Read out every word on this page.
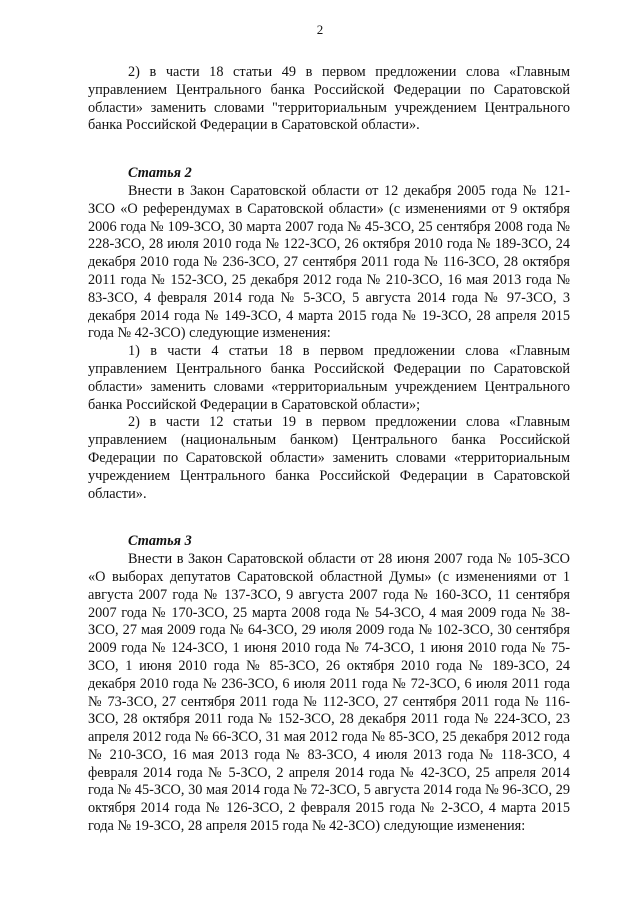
2

2) в части 18 статьи 49 в первом предложении слова «Главным управлением Центрального банка Российской Федерации по Саратовской области» заменить словами "территориальным учреждением Центрального банка Российской Федерации в Саратовской области».

Статья 2

Внести в Закон Саратовской области от 12 декабря 2005 года № 121-ЗСО «О референдумах в Саратовской области» (с изменениями от 9 октября 2006 года № 109-ЗСО, 30 марта 2007 года № 45-ЗСО, 25 сентября 2008 года № 228-ЗСО, 28 июля 2010 года № 122-ЗСО, 26 октября 2010 года № 189-ЗСО, 24 декабря 2010 года № 236-ЗСО, 27 сентября 2011 года № 116-ЗСО, 28 октября 2011 года № 152-ЗСО, 25 декабря 2012 года № 210-ЗСО, 16 мая 2013 года № 83-ЗСО, 4 февраля 2014 года № 5-ЗСО, 5 августа 2014 года № 97-ЗСО, 3 декабря 2014 года № 149-ЗСО, 4 марта 2015 года № 19-ЗСО, 28 апреля 2015 года № 42-ЗСО) следующие изменения:

1) в части 4 статьи 18 в первом предложении слова «Главным управлением Центрального банка Российской Федерации по Саратовской области» заменить словами «территориальным учреждением Центрального банка Российской Федерации в Саратовской области»;

2) в части 12 статьи 19 в первом предложении слова «Главным управлением (национальным банком) Центрального банка Российской Федерации по Саратовской области» заменить словами «территориальным учреждением Центрального банка Российской Федерации в Саратовской области».

Статья 3

Внести в Закон Саратовской области от 28 июня 2007 года № 105-ЗСО «О выборах депутатов Саратовской областной Думы» (с изменениями от 1 августа 2007 года № 137-ЗСО, 9 августа 2007 года № 160-ЗСО, 11 сентября 2007 года № 170-ЗСО, 25 марта 2008 года № 54-ЗСО, 4 мая 2009 года № 38-ЗСО, 27 мая 2009 года № 64-ЗСО, 29 июля 2009 года № 102-ЗСО, 30 сентября 2009 года № 124-ЗСО, 1 июня 2010 года № 74-ЗСО, 1 июня 2010 года № 75-ЗСО, 1 июня 2010 года № 85-ЗСО, 26 октября 2010 года № 189-ЗСО, 24 декабря 2010 года № 236-ЗСО, 6 июля 2011 года № 72-ЗСО, 6 июля 2011 года № 73-ЗСО, 27 сентября 2011 года № 112-ЗСО, 27 сентября 2011 года № 116-ЗСО, 28 октября 2011 года № 152-ЗСО, 28 декабря 2011 года № 224-ЗСО, 23 апреля 2012 года № 66-ЗСО, 31 мая 2012 года № 85-ЗСО, 25 декабря 2012 года № 210-ЗСО, 16 мая 2013 года № 83-ЗСО, 4 июля 2013 года № 118-ЗСО, 4 февраля 2014 года № 5-ЗСО, 2 апреля 2014 года № 42-ЗСО, 25 апреля 2014 года № 45-ЗСО, 30 мая 2014 года № 72-ЗСО, 5 августа 2014 года № 96-ЗСО, 29 октября 2014 года № 126-ЗСО, 2 февраля 2015 года № 2-ЗСО, 4 марта 2015 года № 19-ЗСО, 28 апреля 2015 года № 42-ЗСО) следующие изменения:
